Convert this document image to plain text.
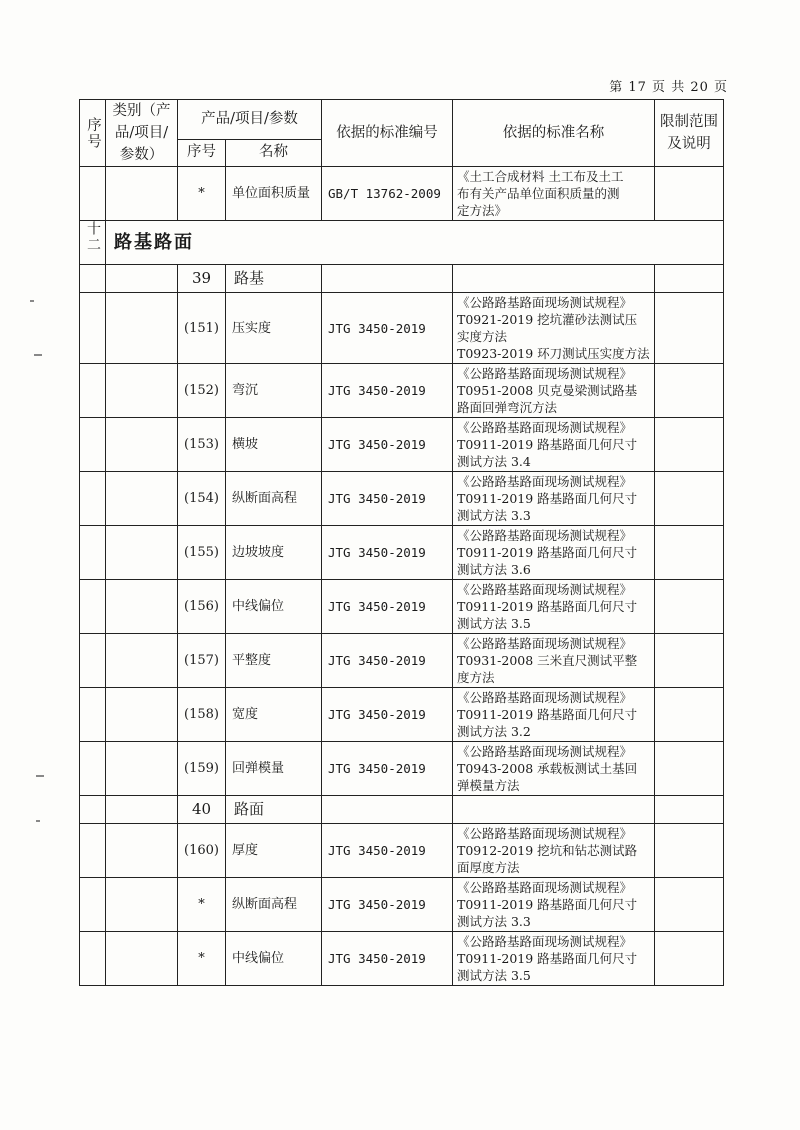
第 17 页 共 20 页
序号	类别（产品/项目/参数）	产品/项目/参数		依据的标准编号	依据的标准名称	限制范围及说明
		序号	名称			
		*	单位面积质量	GB/T 13762-2009	《土工合成材料 土工布及土工
布有关产品单位面积质量的测
定方法》	

十二	路基路面					
		39	路基			
		(151)	压实度	JTG 3450-2019	《公路路基路面现场测试规程》
T0921-2019 挖坑灌砂法测试压
实度方法
T0923-2019 环刀测试压实度方法	

		(152)	弯沉	JTG 3450-2019	《公路路基路面现场测试规程》
T0951-2008 贝克曼梁测试路基
路面回弹弯沉方法	

		(153)	横坡	JTG 3450-2019	《公路路基路面现场测试规程》
T0911-2019 路基路面几何尺寸
测试方法 3.4	

		(154)	纵断面高程	JTG 3450-2019	《公路路基路面现场测试规程》
T0911-2019 路基路面几何尺寸
测试方法 3.3	

		(155)	边坡坡度	JTG 3450-2019	《公路路基路面现场测试规程》
T0911-2019 路基路面几何尺寸
测试方法 3.6	

		(156)	中线偏位	JTG 3450-2019	《公路路基路面现场测试规程》
T0911-2019 路基路面几何尺寸
测试方法 3.5	

		(157)	平整度	JTG 3450-2019	《公路路基路面现场测试规程》
T0931-2008 三米直尺测试平整
度方法	

		(158)	宽度	JTG 3450-2019	《公路路基路面现场测试规程》
T0911-2019 路基路面几何尺寸
测试方法 3.2	

		(159)	回弹模量	JTG 3450-2019	《公路路基路面现场测试规程》
T0943-2008 承载板测试土基回
弹模量方法	

		40	路面			
		(160)	厚度	JTG 3450-2019	《公路路基路面现场测试规程》
T0912-2019 挖坑和钻芯测试路
面厚度方法	

		*	纵断面高程	JTG 3450-2019	《公路路基路面现场测试规程》
T0911-2019 路基路面几何尺寸
测试方法 3.3	

		*	中线偏位	JTG 3450-2019	《公路路基路面现场测试规程》
T0911-2019 路基路面几何尺寸
测试方法 3.5	
